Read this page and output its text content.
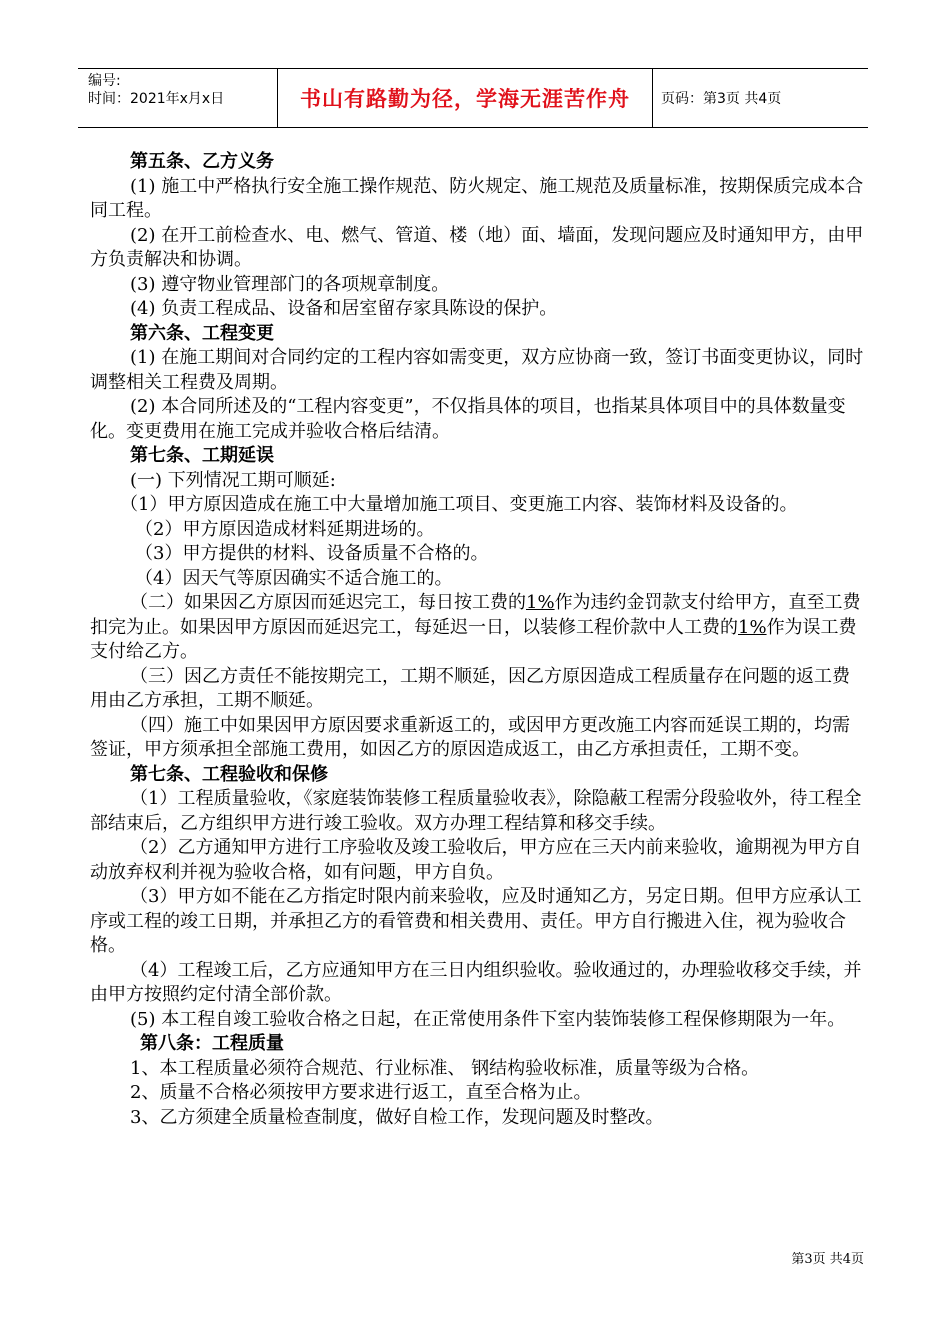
编号:
时间：2021年x月x日	书山有路勤为径，学海无涯苦作舟	页码：第3页 共4页

第五条、乙方义务

(1) 施工中严格执行安全施工操作规范、防火规定、施工规范及质量标准，按期保质完成本合同工程。

(2) 在开工前检查水、电、燃气、管道、楼（地）面、墙面，发现问题应及时通知甲方，由甲方负责解决和协调。

(3) 遵守物业管理部门的各项规章制度。

(4) 负责工程成品、设备和居室留存家具陈设的保护。

第六条、工程变更

(1) 在施工期间对合同约定的工程内容如需变更，双方应协商一致，签订书面变更协议，同时调整相关工程费及周期。

(2) 本合同所述及的“工程内容变更”，不仅指具体的项目，也指某具体项目中的具体数量变化。变更费用在施工完成并验收合格后结清。

第七条、工期延误

(一) 下列情况工期可顺延:

（1）甲方原因造成在施工中大量增加施工项目、变更施工内容、装饰材料及设备的。

（2）甲方原因造成材料延期进场的。

（3）甲方提供的材料、设备质量不合格的。

（4）因天气等原因确实不适合施工的。

（二）如果因乙方原因而延迟完工，每日按工费的1%作为违约金罚款支付给甲方，直至工费扣完为止。如果因甲方原因而延迟完工，每延迟一日，以装修工程价款中人工费的1%作为误工费支付给乙方。

（三）因乙方责任不能按期完工，工期不顺延，因乙方原因造成工程质量存在问题的返工费用由乙方承担，工期不顺延。

（四）施工中如果因甲方原因要求重新返工的，或因甲方更改施工内容而延误工期的，均需签证，甲方须承担全部施工费用，如因乙方的原因造成返工，由乙方承担责任，工期不变。

第七条、工程验收和保修

（1）工程质量验收，《家庭装饰装修工程质量验收表》，除隐蔽工程需分段验收外，待工程全部结束后，乙方组织甲方进行竣工验收。双方办理工程结算和移交手续。

（2）乙方通知甲方进行工序验收及竣工验收后，甲方应在三天内前来验收，逾期视为甲方自动放弃权利并视为验收合格，如有问题，甲方自负。

（3）甲方如不能在乙方指定时限内前来验收，应及时通知乙方，另定日期。但甲方应承认工序或工程的竣工日期，并承担乙方的看管费和相关费用、责任。甲方自行搬进入住，视为验收合格。

（4）工程竣工后，乙方应通知甲方在三日内组织验收。验收通过的，办理验收移交手续，并由甲方按照约定付清全部价款。

(5) 本工程自竣工验收合格之日起，在正常使用条件下室内装饰装修工程保修期限为一年。

第八条：工程质量

1、本工程质量必须符合规范、行业标准、 钢结构验收标准，质量等级为合格。

2、质量不合格必须按甲方要求进行返工，直至合格为止。

3、乙方须建全质量检查制度，做好自检工作，发现问题及时整改。

第3页 共4页
